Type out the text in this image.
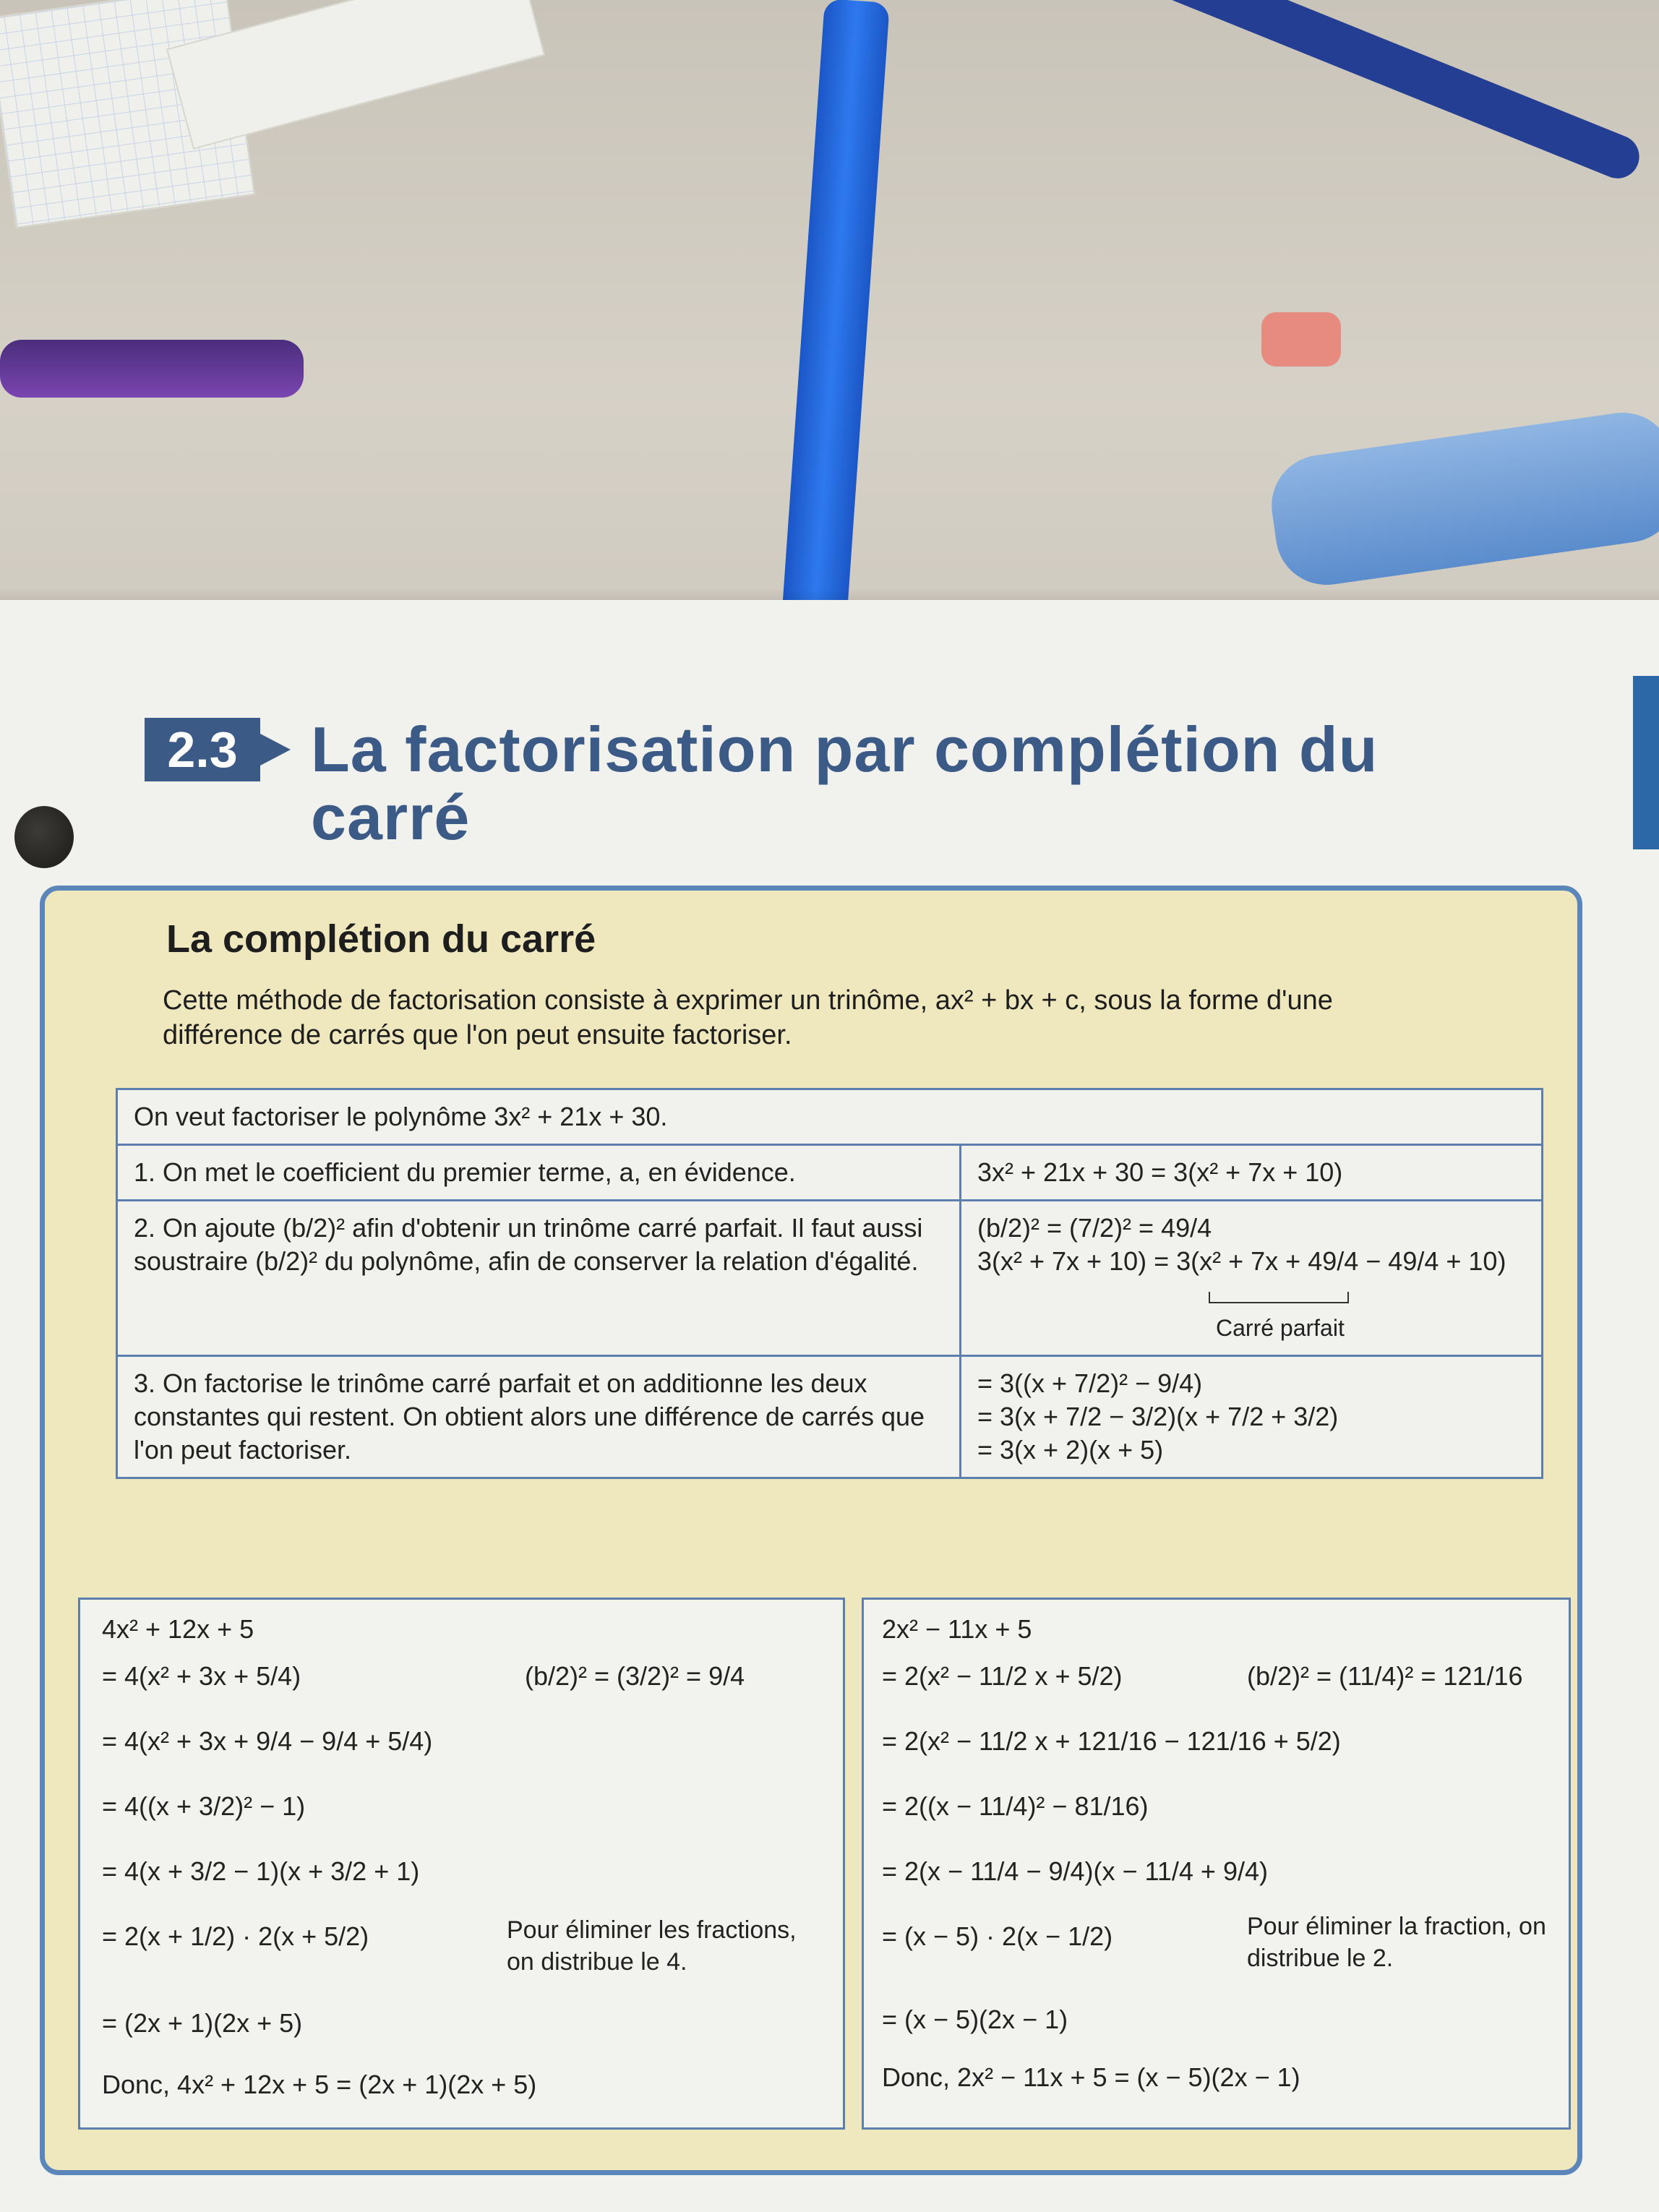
2.3	La factorisation par complétion du carré
La complétion du carré
Cette méthode de factorisation consiste à exprimer un trinôme, ax² + bx + c, sous la forme d'une différence de carrés que l'on peut ensuite factoriser.
On veut factoriser le polynôme 3x² + 21x + 30.	
1. On met le coefficient du premier terme, a, en évidence.	3x² + 21x + 30 = 3(x² + 7x + 10)
2. On ajoute (b/2)² afin d'obtenir un trinôme carré parfait. Il faut aussi soustraire (b/2)² du polynôme, afin de conserver la relation d'égalité.	(b/2)² = (7/2)² = 49/4
3(x² + 7x + 10) = 3(x² + 7x + 49/4 − 49/4 + 10)
Carré parfait

3. On factorise le trinôme carré parfait et on additionne les deux constantes qui restent. On obtient alors une différence de carrés que l'on peut factoriser.	= 3((x + 7/2)² − 9/4)
= 3(x + 7/2 − 3/2)(x + 7/2 + 3/2)
= 3(x + 2)(x + 5)
4x² + 12x + 5
= 4(x² + 3x + 5/4)
= 4(x² + 3x + 9/4 − 9/4 + 5/4)
= 4((x + 3/2)² − 1)
= 4(x + 3/2 − 1)(x + 3/2 + 1)
= 2(x + 1/2) · 2(x + 5/2)
= (2x + 1)(2x + 5)
Donc, 4x² + 12x + 5 = (2x + 1)(2x + 5)
(b/2)² = (3/2)² = 9/4
Pour éliminer les fractions, on distribue le 4.
2x² − 11x + 5
= 2(x² − 11/2 x + 5/2)
= 2(x² − 11/2 x + 121/16 − 121/16 + 5/2)
= 2((x − 11/4)² − 81/16)
= 2(x − 11/4 − 9/4)(x − 11/4 + 9/4)
= (x − 5) · 2(x − 1/2)
= (x − 5)(2x − 1)
Donc, 2x² − 11x + 5 = (x − 5)(2x − 1)
(b/2)² = (11/4)² = 121/16
Pour éliminer la fraction, on distribue le 2.
